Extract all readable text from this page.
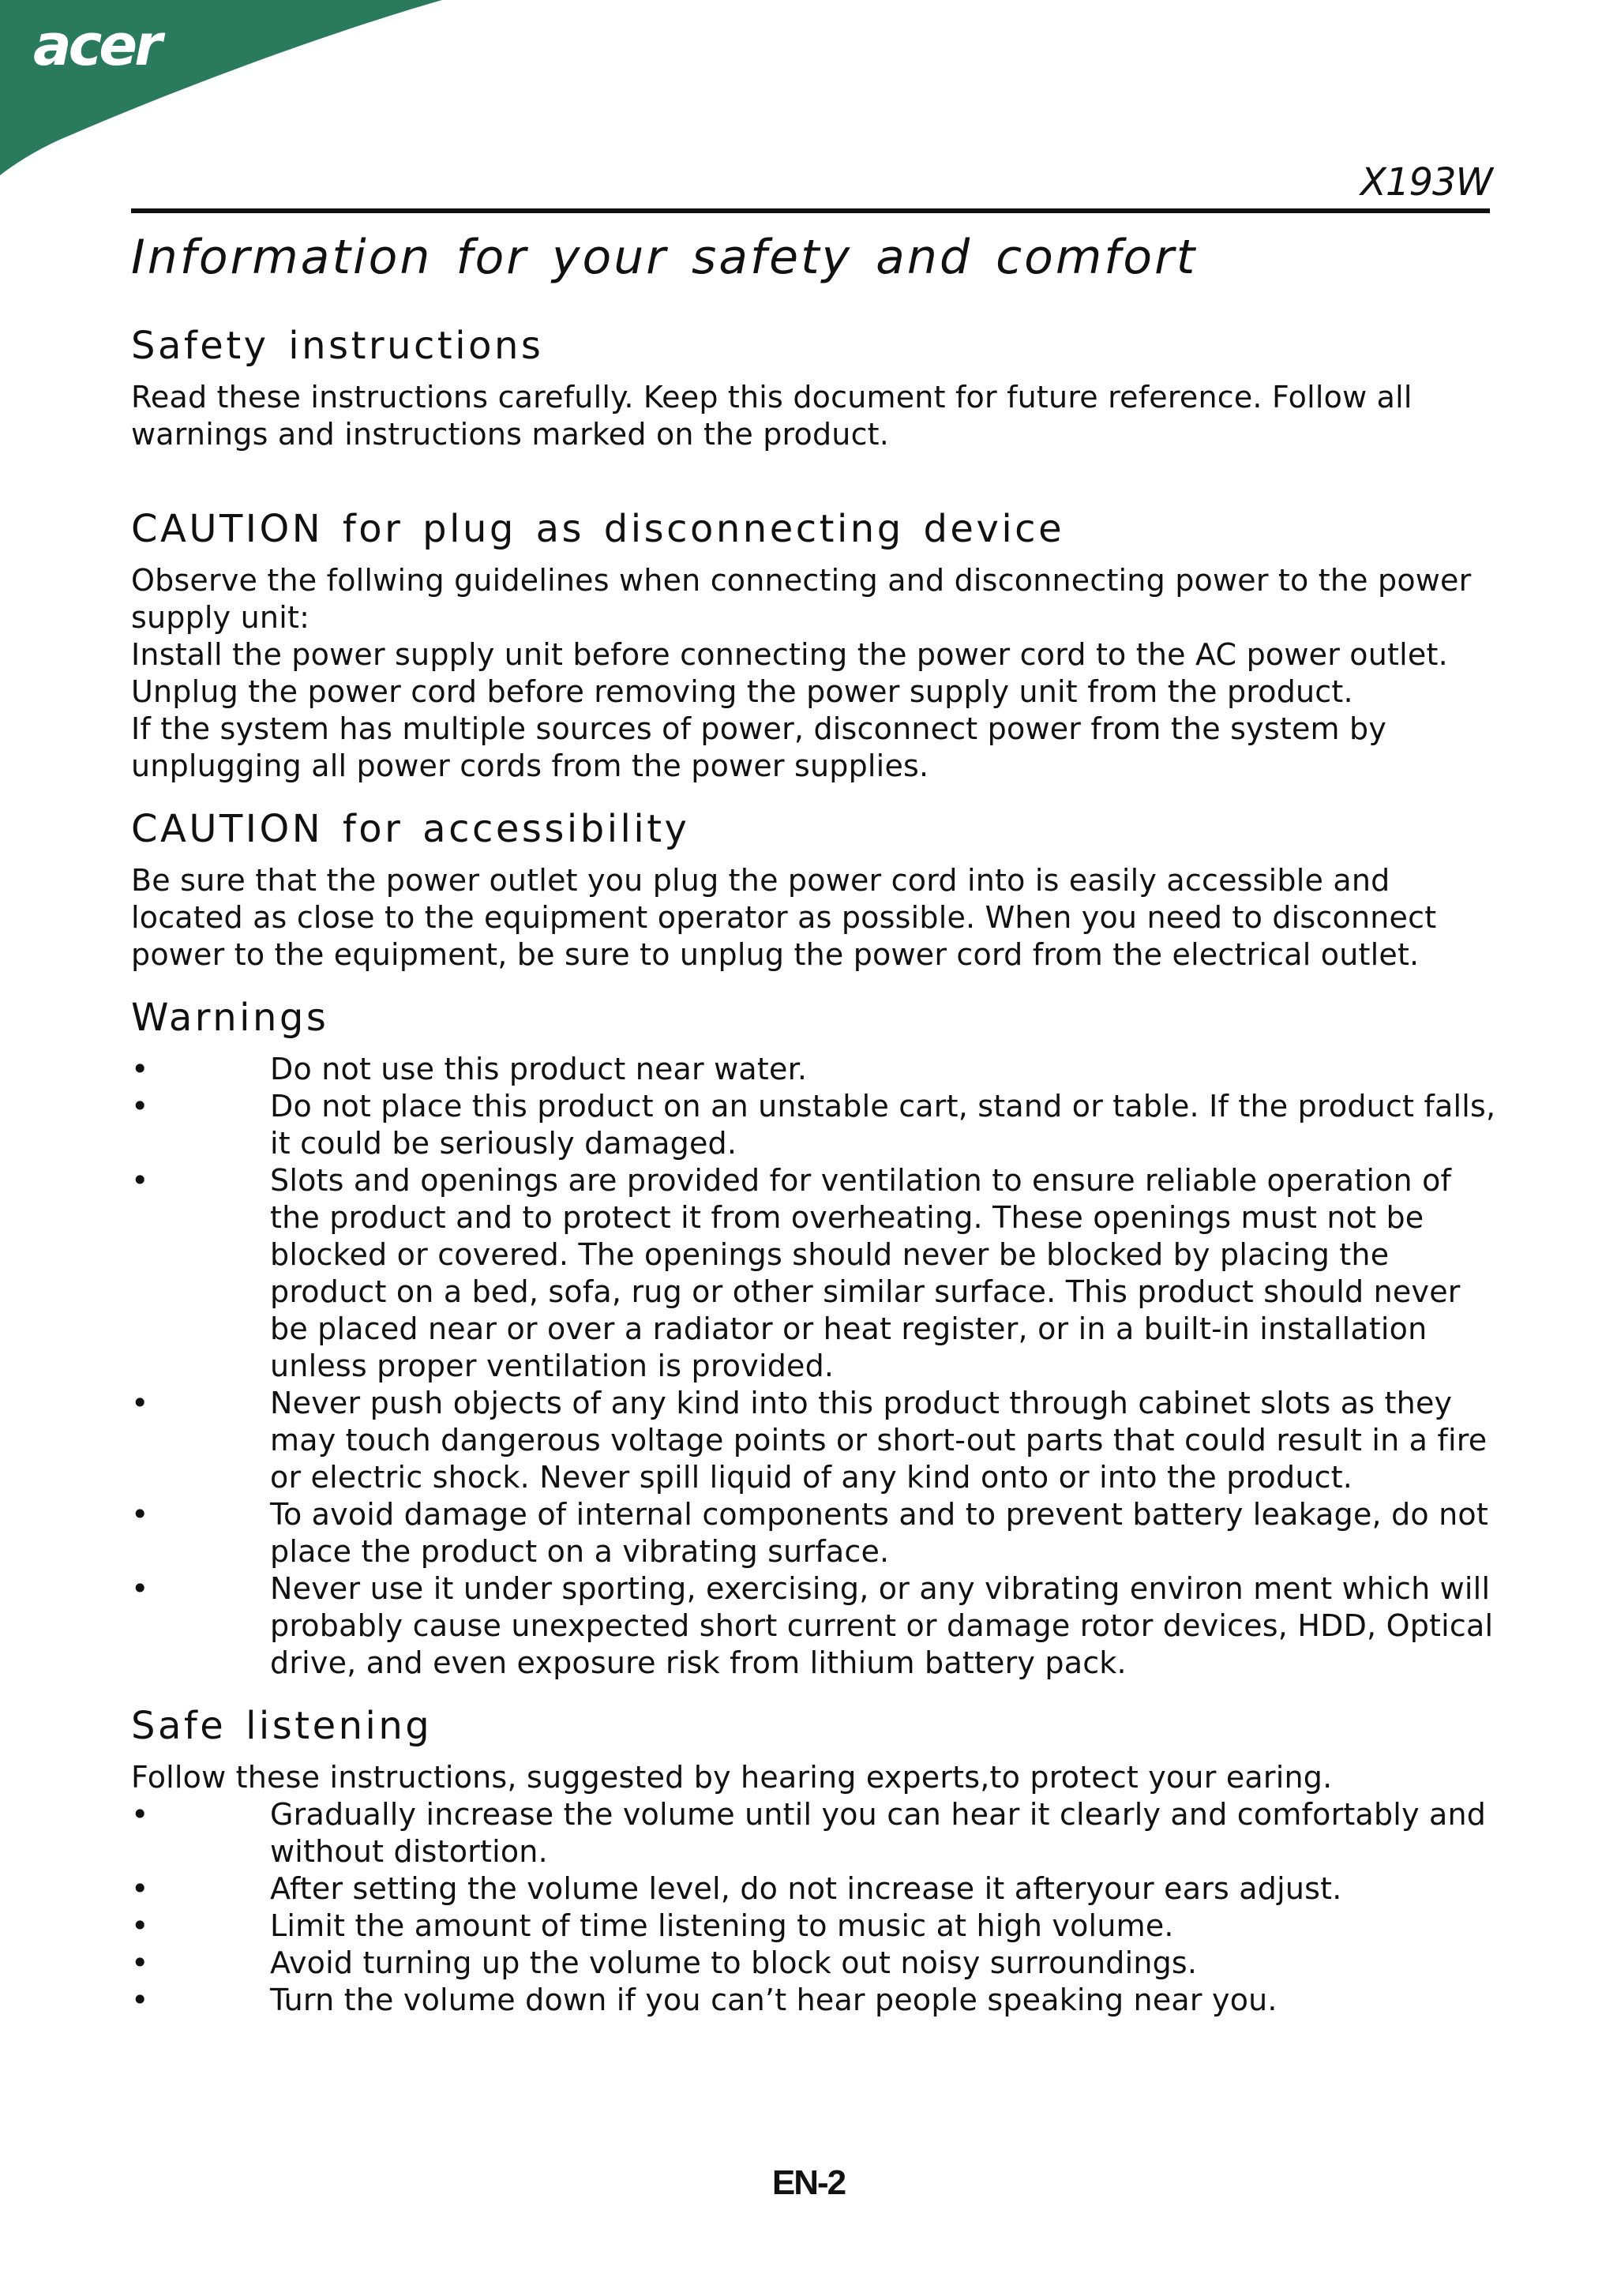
acer
X193W
Information for your safety and comfort
Safety instructions

Read these instructions carefully. Keep this document for future reference. Follow all warnings and instructions marked on the product.

CAUTION for plug as disconnecting device

Observe the follwing guidelines when connecting and disconnecting power to the power supply unit:

Install the power supply unit before connecting the power cord to the AC power outlet.

Unplug the power cord before removing the power supply unit from the product.

If the system has multiple sources of power, disconnect power from the system by unplugging all power cords from the power supplies.

CAUTION for accessibility

Be sure that the power outlet you plug the power cord into is easily accessible and located as close to the equipment operator as possible. When you need to disconnect power to the equipment, be sure to unplug the power cord from the electrical outlet.

Warnings
•	Do not use this product near water.
•	Do not place this product on an unstable cart, stand or table. If the product falls, it could be seriously damaged.
•	Slots and openings are provided for ventilation to ensure reliable operation of the product and to protect it from overheating. These openings must not be blocked or covered. The openings should never be blocked by placing the product on a bed, sofa, rug or other similar surface. This product should never be placed near or over a radiator or heat register, or in a built-in installation unless proper ventilation is provided.
•	Never push objects of any kind into this product through cabinet slots as they may touch dangerous voltage points or short-out parts that could result in a fire or electric shock. Never spill liquid of any kind onto or into the product.
•	To avoid damage of internal components and to prevent battery leakage, do not place the product on a vibrating surface.
•	Never use it under sporting, exercising, or any vibrating environ ment which will probably cause unexpected short current or damage rotor devices, HDD, Optical drive, and even exposure risk from lithium battery pack.
Safe listening

Follow these instructions, suggested by hearing experts,to protect your earing.

•	Gradually increase the volume until you can hear it clearly and comfortably and without distortion.
•	After setting the volume level, do not increase it afteryour ears adjust.
•	Limit the amount of time listening to music at high volume.
•	Avoid turning up the volume to block out noisy surroundings.
•	Turn the volume down if you can’t hear people speaking near you.
EN-2
